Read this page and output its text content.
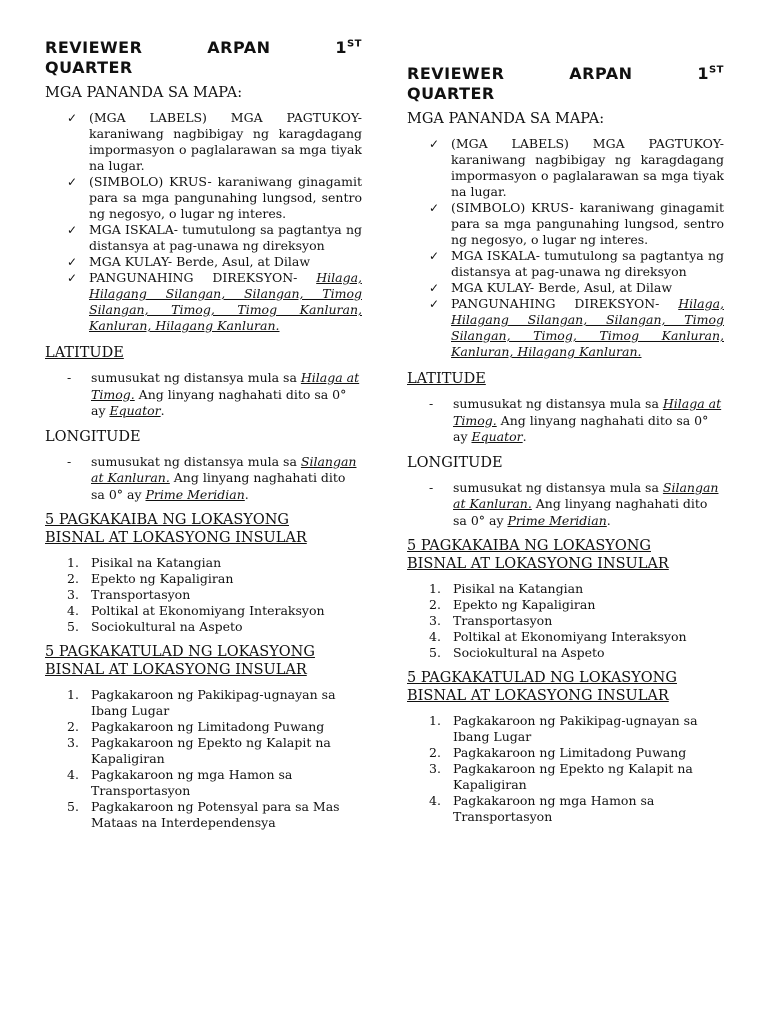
REVIEWER	ARPAN	1ST
QUARTER
MGA PANANDA SA MAPA:
✓ (MGA LABELS) MGA PAGTUKOY- karaniwang nagbibigay ng karagdagang impormasyon o paglalarawan sa mga tiyak na lugar.
✓ (SIMBOLO) KRUS- karaniwang ginagamit para sa mga pangunahing lungsod, sentro ng negosyo, o lugar ng interes.
✓ MGA ISKALA- tumutulong sa pagtantya ng distansya at pag-unawa ng direksyon
✓ MGA KULAY- Berde, Asul, at Dilaw
✓ PANGUNAHING DIREKSYON- Hilaga, Hilagang Silangan, Silangan, Timog Silangan, Timog, Timog Kanluran, Kanluran, Hilagang Kanluran.
LATITUDE
- sumusukat ng distansya mula sa Hilaga at Timog. Ang linyang naghahati dito sa 0° ay Equator.
LONGITUDE
- sumusukat ng distansya mula sa Silangan at Kanluran. Ang linyang naghahati dito sa 0° ay Prime Meridian.
5 PAGKAKAIBA NG LOKASYONG
BISNAL AT LOKASYONG INSULAR
1. Pisikal na Katangian
2. Epekto ng Kapaligiran
3. Transportasyon
4. Poltikal at Ekonomiyang Interaksyon
5. Sociokultural na Aspeto
5 PAGKAKATULAD NG LOKASYONG
BISNAL AT LOKASYONG INSULAR
1. Pagkakaroon ng Pakikipag-ugnayan sa Ibang Lugar
2. Pagkakaroon ng Limitadong Puwang
3. Pagkakaroon ng Epekto ng Kalapit na Kapaligiran
4. Pagkakaroon ng mga Hamon sa Transportasyon
5. Pagkakaroon ng Potensyal para sa Mas Mataas na Interdependensya
REVIEWER	ARPAN	1ST
QUARTER
MGA PANANDA SA MAPA:
✓ (MGA LABELS) MGA PAGTUKOY- karaniwang nagbibigay ng karagdagang impormasyon o paglalarawan sa mga tiyak na lugar.
✓ (SIMBOLO) KRUS- karaniwang ginagamit para sa mga pangunahing lungsod, sentro ng negosyo, o lugar ng interes.
✓ MGA ISKALA- tumutulong sa pagtantya ng distansya at pag-unawa ng direksyon
✓ MGA KULAY- Berde, Asul, at Dilaw
✓ PANGUNAHING DIREKSYON- Hilaga, Hilagang Silangan, Silangan, Timog Silangan, Timog, Timog Kanluran, Kanluran, Hilagang Kanluran.
LATITUDE
- sumusukat ng distansya mula sa Hilaga at Timog. Ang linyang naghahati dito sa 0° ay Equator.
LONGITUDE
- sumusukat ng distansya mula sa Silangan at Kanluran. Ang linyang naghahati dito sa 0° ay Prime Meridian.
5 PAGKAKAIBA NG LOKASYONG
BISNAL AT LOKASYONG INSULAR
1. Pisikal na Katangian
2. Epekto ng Kapaligiran
3. Transportasyon
4. Poltikal at Ekonomiyang Interaksyon
5. Sociokultural na Aspeto
5 PAGKAKATULAD NG LOKASYONG
BISNAL AT LOKASYONG INSULAR
1. Pagkakaroon ng Pakikipag-ugnayan sa Ibang Lugar
2. Pagkakaroon ng Limitadong Puwang
3. Pagkakaroon ng Epekto ng Kalapit na Kapaligiran
4. Pagkakaroon ng mga Hamon sa Transportasyon
